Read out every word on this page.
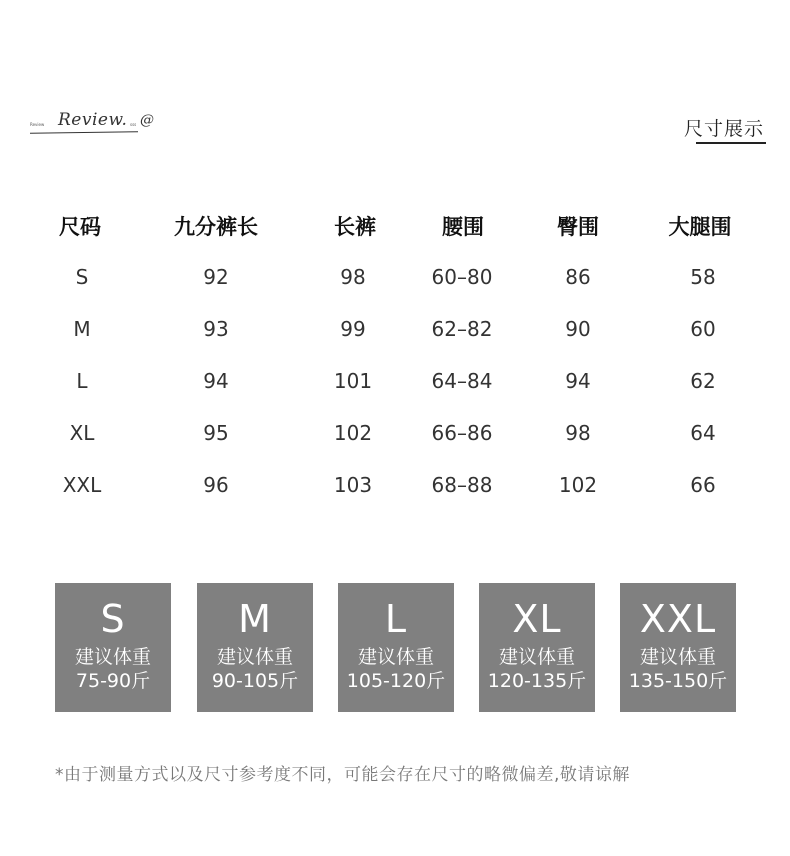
Review Review. sss @	尺寸展示
尺码	九分裤长	长裤	腰围	臀围	大腿围
S	92	98	60–80	86	58
M	93	99	62–82	90	60
L	94	101	64–84	94	62
XL	95	102	66–86	98	64
XXL	96	103	68–88	102	66
S
建议体重
75-90斤
M
建议体重
90-105斤
L
建议体重
105-120斤
XL
建议体重
120-135斤
XXL
建议体重
135-150斤
*由于测量方式以及尺寸参考度不同，可能会存在尺寸的略微偏差,敬请谅解
